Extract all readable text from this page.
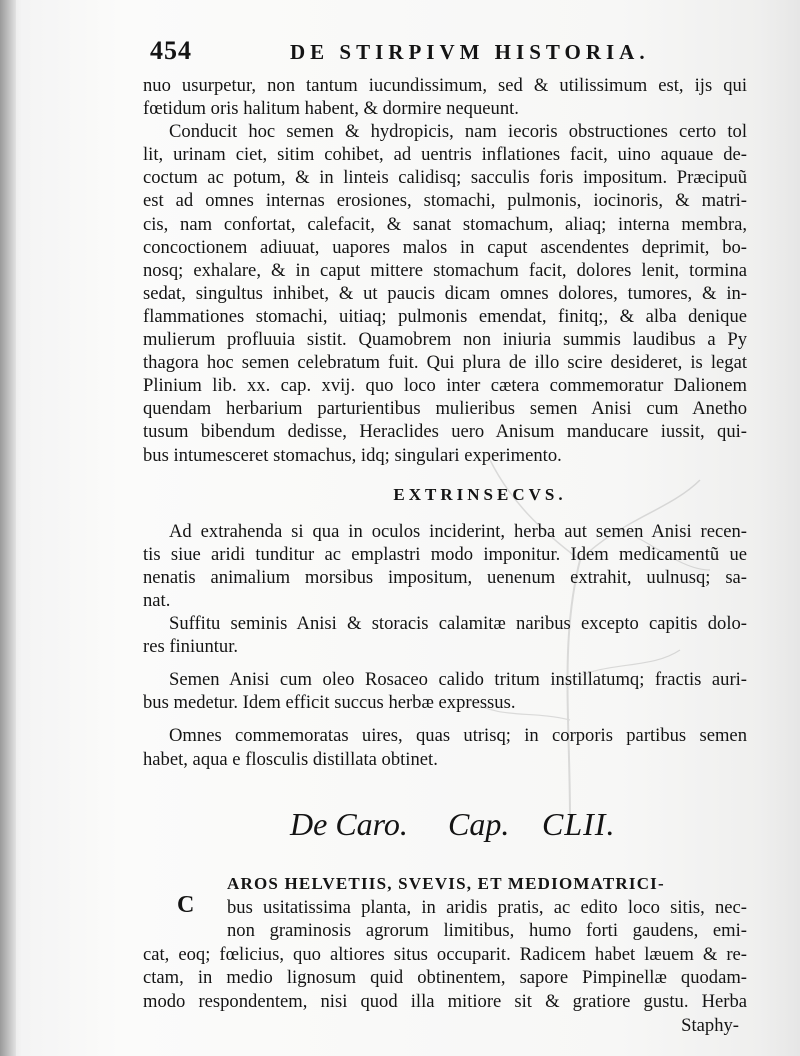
454	DE STIRPIVM HISTORIA.
nuo usurpetur, non tantum iucundissimum, sed & utilissimum est, ijs qui
fœtidum oris halitum habent, & dormire nequeunt.
Conducit hoc semen & hydropicis, nam iecoris obstructiones certo tol
lit, urinam ciet, sitim cohibet, ad uentris inflationes facit, uino aquaue de-
coctum ac potum, & in linteis calidisq; sacculis foris impositum. Præcipuũ
est ad omnes internas erosiones, stomachi, pulmonis, iocinoris, & matri-
cis, nam confortat, calefacit, & sanat stomachum, aliaq; interna membra,
concoctionem adiuuat, uapores malos in caput ascendentes deprimit, bo-
nosq; exhalare, & in caput mittere stomachum facit, dolores lenit, tormina
sedat, singultus inhibet, & ut paucis dicam omnes dolores, tumores, & in-
flammationes stomachi, uitiaq; pulmonis emendat, finitq;, & alba denique
mulierum profluuia sistit. Quamobrem non iniuria summis laudibus a Py
thagora hoc semen celebratum fuit. Qui plura de illo scire desideret, is legat
Plinium lib. xx. cap. xvij. quo loco inter cætera commemoratur Dalionem
quendam herbarium parturientibus mulieribus semen Anisi cum Anetho
tusum bibendum dedisse, Heraclides uero Anisum manducare iussit, qui-
bus intumesceret stomachus, idq; singulari experimento.
EXTRINSECVS.
Ad extrahenda si qua in oculos inciderint, herba aut semen Anisi recen-
tis siue aridi tunditur ac emplastri modo imponitur. Idem medicamentũ ue
nenatis animalium morsibus impositum, uenenum extrahit, uulnusq; sa-
nat.
Suffitu seminis Anisi & storacis calamitæ naribus excepto capitis dolo-
res finiuntur.
Semen Anisi cum oleo Rosaceo calido tritum instillatumq; fractis auri-
bus medetur. Idem efficit succus herbæ expressus.
Omnes commemoratas uires, quas utrisq; in corporis partibus semen
habet, aqua e flosculis distillata obtinet.
De Caro. Cap. CLII.
AROS HELVETIIS, SVEVIS, ET MEDIOMATRICI-
C bus usitatissima planta, in aridis pratis, ac edito loco sitis, nec-
non graminosis agrorum limitibus, humo forti gaudens, emi-
cat, eoq; fœlicius, quo altiores situs occuparit. Radicem habet læuem & re-
ctam, in medio lignosum quid obtinentem, sapore Pimpinellæ quodam-
modo respondentem, nisi quod illa mitiore sit & gratiore gustu. Herba
Staphy-
